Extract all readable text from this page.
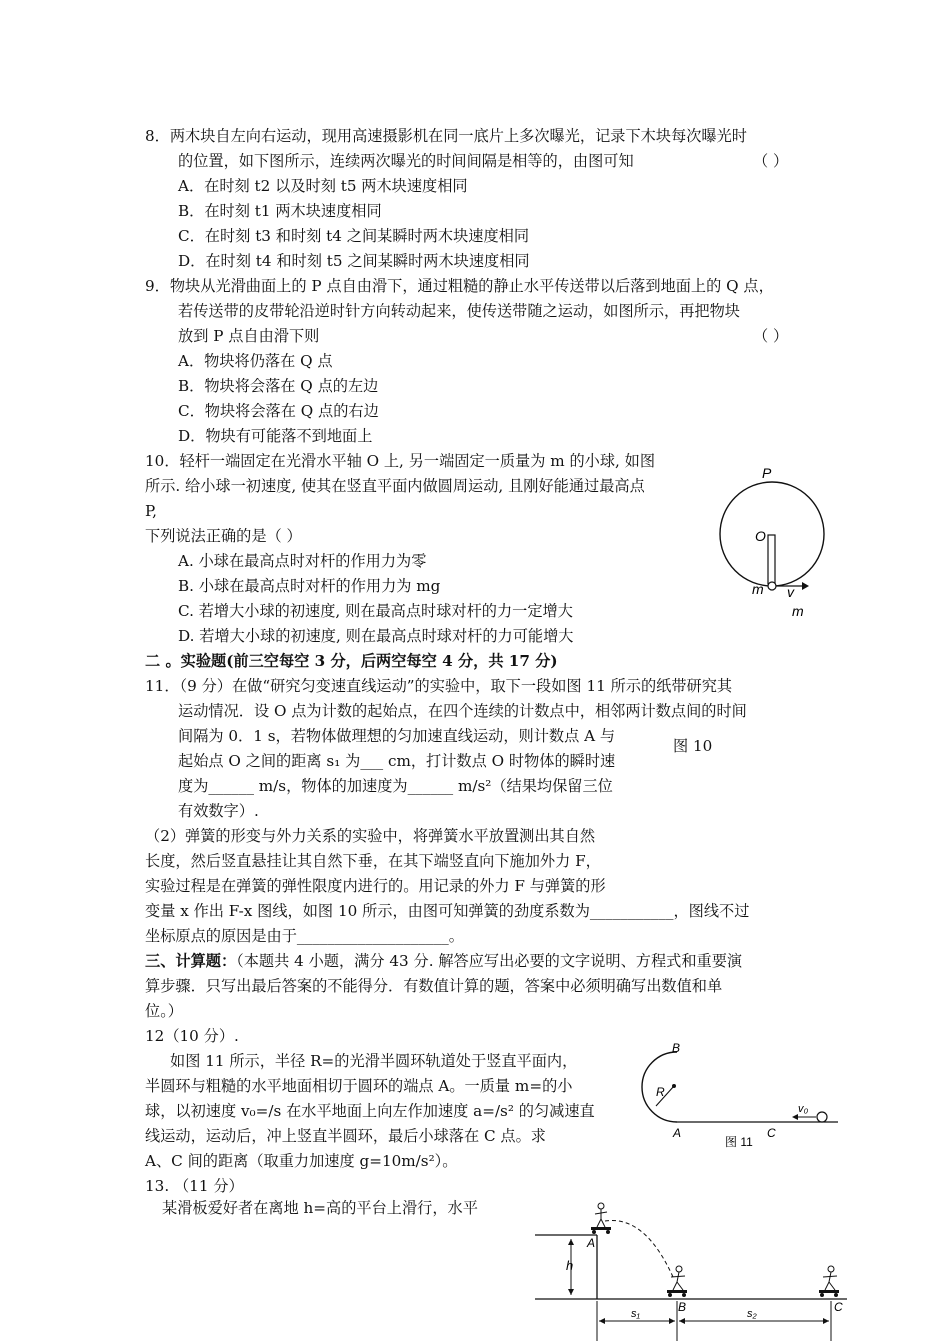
8．两木块自左向右运动，现用高速摄影机在同一底片上多次曝光，记录下木块每次曝光时
的位置，如下图所示，连续两次曝光的时间间隔是相等的，由图可知	（ ）
A．在时刻 t2 以及时刻 t5 两木块速度相同
B．在时刻 t1 两木块速度相同
C．在时刻 t3 和时刻 t4 之间某瞬时两木块速度相同
D．在时刻 t4 和时刻 t5 之间某瞬时两木块速度相同
9．物块从光滑曲面上的 P 点自由滑下，通过粗糙的静止水平传送带以后落到地面上的 Q 点，
若传送带的皮带轮沿逆时针方向转动起来，使传送带随之运动，如图所示，再把物块
放到 P 点自由滑下则	（ ）
A．物块将仍落在 Q 点
B．物块将会落在 Q 点的左边
C．物块将会落在 Q 点的右边
D．物块有可能落不到地面上
10．轻杆一端固定在光滑水平轴 O 上, 另一端固定一质量为 m 的小球, 如图
所示. 给小球一初速度, 使其在竖直平面内做圆周运动, 且刚好能通过最高点
P,
下列说法正确的是（ ）
A. 小球在最高点时对杆的作用力为零
B. 小球在最高点时对杆的作用力为 mg
C. 若增大小球的初速度, 则在最高点时球对杆的力一定增大
D. 若增大小球的初速度, 则在最高点时球对杆的力可能增大
P
O
m v
m
二 。实验题(前三空每空 3 分，后两空每空 4 分，共 17 分)
11．（9 分）在做“研究匀变速直线运动”的实验中，取下一段如图 11 所示的纸带研究其
运动情况．设 O 点为计数的起始点，在四个连续的计数点中，相邻两计数点间的时间
间隔为 0．1 s，若物体做理想的匀加速直线运动，则计数点 A 与
起始点 O 之间的距离 s₁ 为___ cm，打计数点 O 时物体的瞬时速
图 10
度为______ m/s，物体的加速度为______ m/s²（结果均保留三位
有效数字）.
（2）弹簧的形变与外力关系的实验中，将弹簧水平放置测出其自然
长度，然后竖直悬挂让其自然下垂，在其下端竖直向下施加外力 F，
实验过程是在弹簧的弹性限度内进行的。用记录的外力 F 与弹簧的形
变量 x 作出 F-x 图线，如图 10 所示，由图可知弹簧的劲度系数为___________，图线不过
坐标原点的原因是由于____________________。
三、计算题：（本题共 4 小题，满分 43 分. 解答应写出必要的文字说明、方程式和重要演
算步骤．只写出最后答案的不能得分．有数值计算的题，答案中必须明确写出数值和单
位。）
12（10 分）.
如图 11 所示，半径 R=的光滑半圆环轨道处于竖直平面内，
半圆环与粗糙的水平地面相切于圆环的端点 A。一质量 m=的小
球，以初速度 v₀=/s 在水平地面上向左作加速度 a=/s² 的匀减速直
线运动，运动后，冲上竖直半圆环，最后小球落在 C 点。求
A、C 间的距离（取重力加速度 g=10m/s²）。
B
R
v₀
A	C
图 11
13. （11 分）
某滑板爱好者在离地 h=高的平台上滑行，水平
h
A
B	C
s₁	s₂
